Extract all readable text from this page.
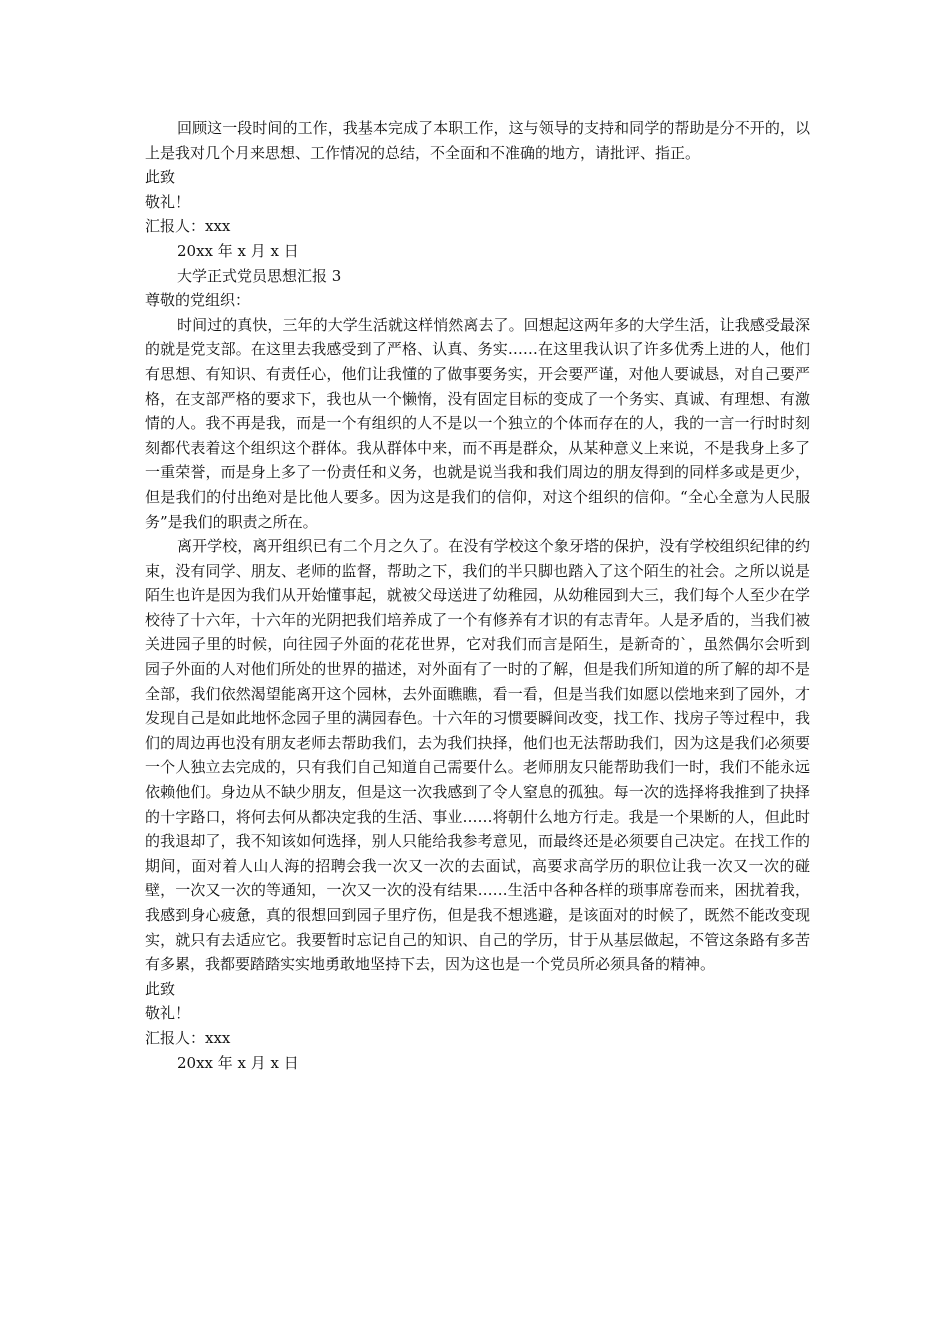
回顾这一段时间的工作，我基本完成了本职工作，这与领导的支持和同学的帮助是分不开的，以上是我对几个月来思想、工作情况的总结，不全面和不准确的地方，请批评、指正。

此致

敬礼！

汇报人：xxx

20xx 年 x 月 x 日

大学正式党员思想汇报 3

尊敬的党组织：

时间过的真快，三年的大学生活就这样悄然离去了。回想起这两年多的大学生活，让我感受最深的就是党支部。在这里去我感受到了严格、认真、务实……在这里我认识了许多优秀上进的人，他们有思想、有知识、有责任心，他们让我懂的了做事要务实，开会要严谨，对他人要诚恳，对自己要严格，在支部严格的要求下，我也从一个懒惰，没有固定目标的变成了一个务实、真诚、有理想、有激情的人。我不再是我，而是一个有组织的人不是以一个独立的个体而存在的人，我的一言一行时时刻刻都代表着这个组织这个群体。我从群体中来，而不再是群众，从某种意义上来说，不是我身上多了一重荣誉，而是身上多了一份责任和义务，也就是说当我和我们周边的朋友得到的同样多或是更少，但是我们的付出绝对是比他人要多。因为这是我们的信仰，对这个组织的信仰。“全心全意为人民服务”是我们的职责之所在。

离开学校，离开组织已有二个月之久了。在没有学校这个象牙塔的保护，没有学校组织纪律的约束，没有同学、朋友、老师的监督，帮助之下，我们的半只脚也踏入了这个陌生的社会。之所以说是陌生也许是因为我们从开始懂事起，就被父母送进了幼稚园，从幼稚园到大三，我们每个人至少在学校待了十六年，十六年的光阴把我们培养成了一个有修养有才识的有志青年。人是矛盾的，当我们被关进园子里的时候，向往园子外面的花花世界，它对我们而言是陌生，是新奇的`，虽然偶尔会听到园子外面的人对他们所处的世界的描述，对外面有了一时的了解，但是我们所知道的所了解的却不是全部，我们依然渴望能离开这个园林，去外面瞧瞧，看一看，但是当我们如愿以偿地来到了园外，才发现自己是如此地怀念园子里的满园春色。十六年的习惯要瞬间改变，找工作、找房子等过程中，我们的周边再也没有朋友老师去帮助我们，去为我们抉择，他们也无法帮助我们，因为这是我们必须要一个人独立去完成的，只有我们自己知道自己需要什么。老师朋友只能帮助我们一时，我们不能永远依赖他们。身边从不缺少朋友，但是这一次我感到了令人窒息的孤独。每一次的选择将我推到了抉择的十字路口，将何去何从都决定我的生活、事业……将朝什么地方行走。我是一个果断的人，但此时的我退却了，我不知该如何选择，别人只能给我参考意见，而最终还是必须要自己决定。在找工作的期间，面对着人山人海的招聘会我一次又一次的去面试，高要求高学历的职位让我一次又一次的碰壁，一次又一次的等通知，一次又一次的没有结果……生活中各种各样的琐事席卷而来，困扰着我，我感到身心疲惫，真的很想回到园子里疗伤，但是我不想逃避，是该面对的时候了，既然不能改变现实，就只有去适应它。我要暂时忘记自己的知识、自己的学历，甘于从基层做起，不管这条路有多苦有多累，我都要踏踏实实地勇敢地坚持下去，因为这也是一个党员所必须具备的精神。

此致

敬礼！

汇报人：xxx

20xx 年 x 月 x 日
